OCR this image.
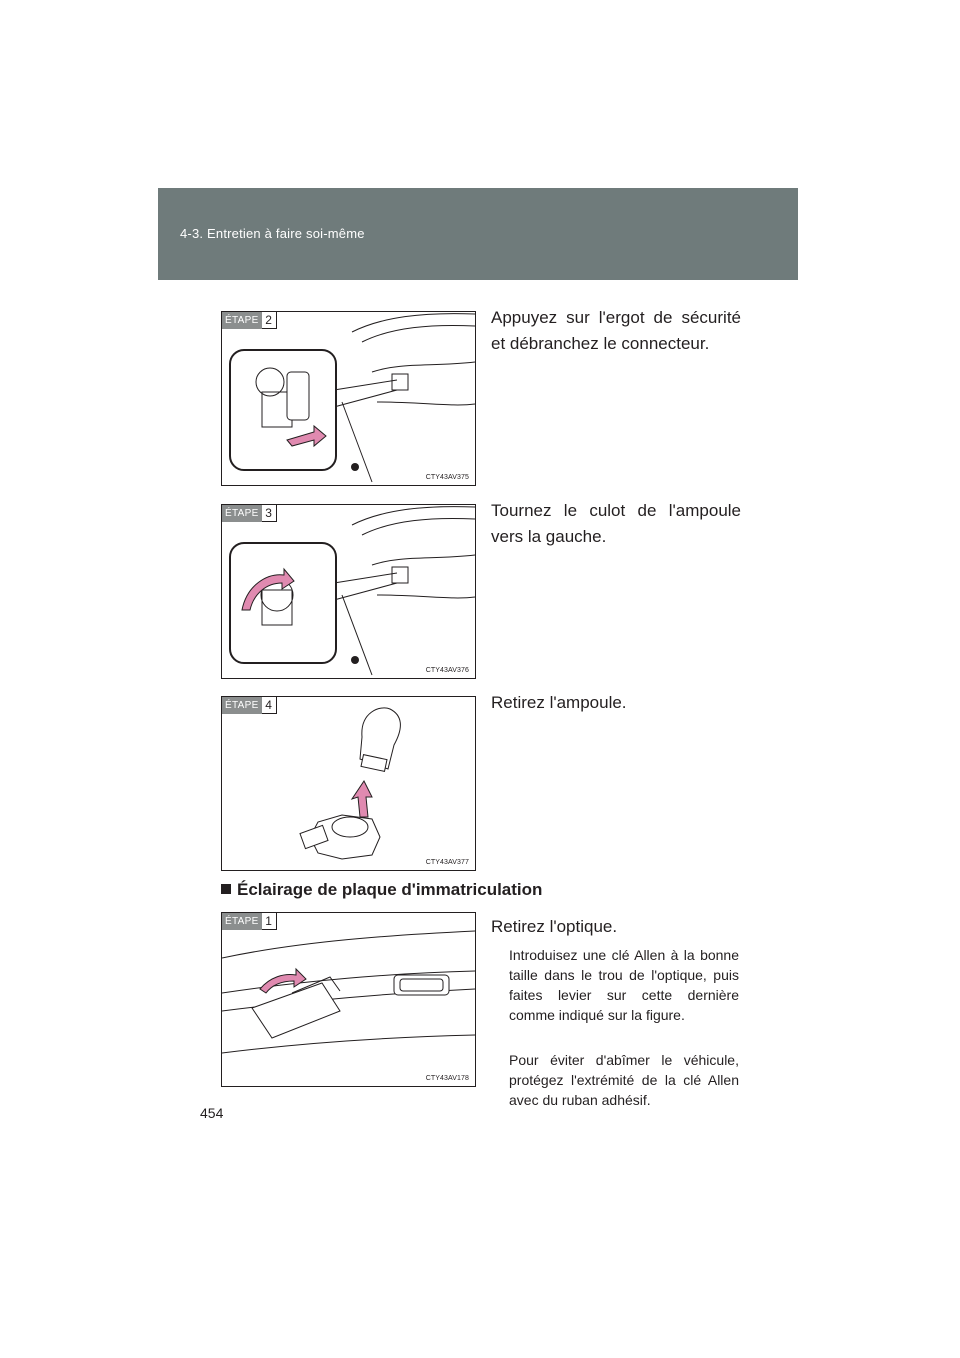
4-3. Entretien à faire soi-même
ÉTAPE 2
CTY43AV375
Appuyez sur l'ergot de sécurité et débranchez le connecteur.
ÉTAPE 3
CTY43AV376
Tournez le culot de l'ampoule vers la gauche.
ÉTAPE 4
CTY43AV377
Retirez l'ampoule.
Éclairage de plaque d'immatriculation
ÉTAPE 1
CTY43AV178
Retirez l'optique.
Introduisez une clé Allen à la bonne taille dans le trou de l'optique, puis faites levier sur cette dernière comme indiqué sur la figure.
Pour éviter d'abîmer le véhicule, protégez l'extrémité de la clé Allen avec du ruban adhésif.
454
